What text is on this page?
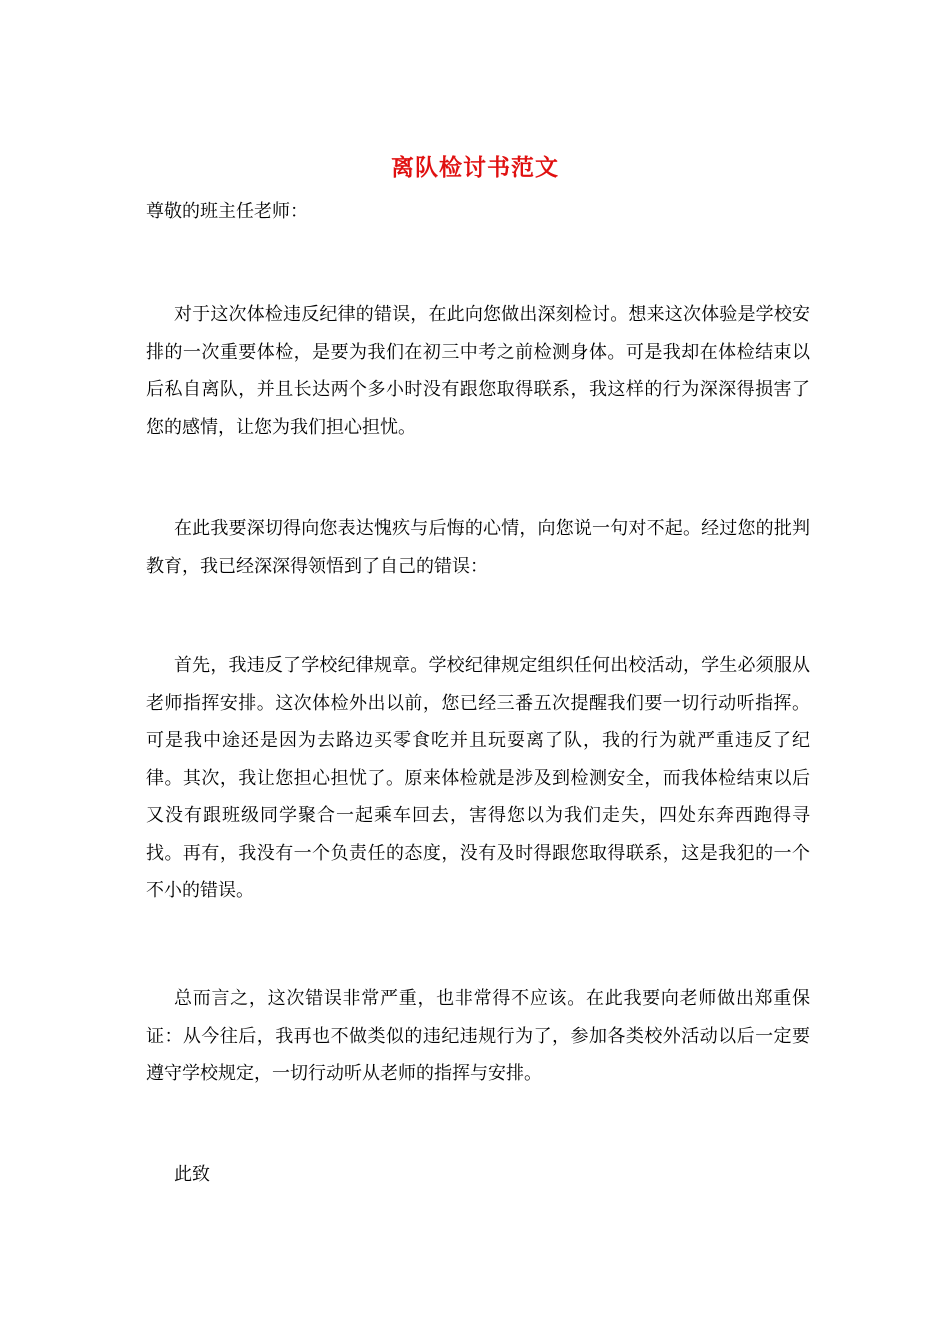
离队检讨书范文
尊敬的班主任老师：

对于这次体检违反纪律的错误，在此向您做出深刻检讨。想来这次体验是学校安排的一次重要体检，是要为我们在初三中考之前检测身体。可是我却在体检结束以后私自离队，并且长达两个多小时没有跟您取得联系，我这样的行为深深得损害了您的感情，让您为我们担心担忧。

在此我要深切得向您表达愧疚与后悔的心情，向您说一句对不起。经过您的批判教育，我已经深深得领悟到了自己的错误：

首先，我违反了学校纪律规章。学校纪律规定组织任何出校活动，学生必须服从老师指挥安排。这次体检外出以前，您已经三番五次提醒我们要一切行动听指挥。可是我中途还是因为去路边买零食吃并且玩耍离了队，我的行为就严重违反了纪律。其次，我让您担心担忧了。原来体检就是涉及到检测安全，而我体检结束以后又没有跟班级同学聚合一起乘车回去，害得您以为我们走失，四处东奔西跑得寻找。再有，我没有一个负责任的态度，没有及时得跟您取得联系，这是我犯的一个不小的错误。

总而言之，这次错误非常严重，也非常得不应该。在此我要向老师做出郑重保证：从今往后，我再也不做类似的违纪违规行为了，参加各类校外活动以后一定要遵守学校规定，一切行动听从老师的指挥与安排。

此致
